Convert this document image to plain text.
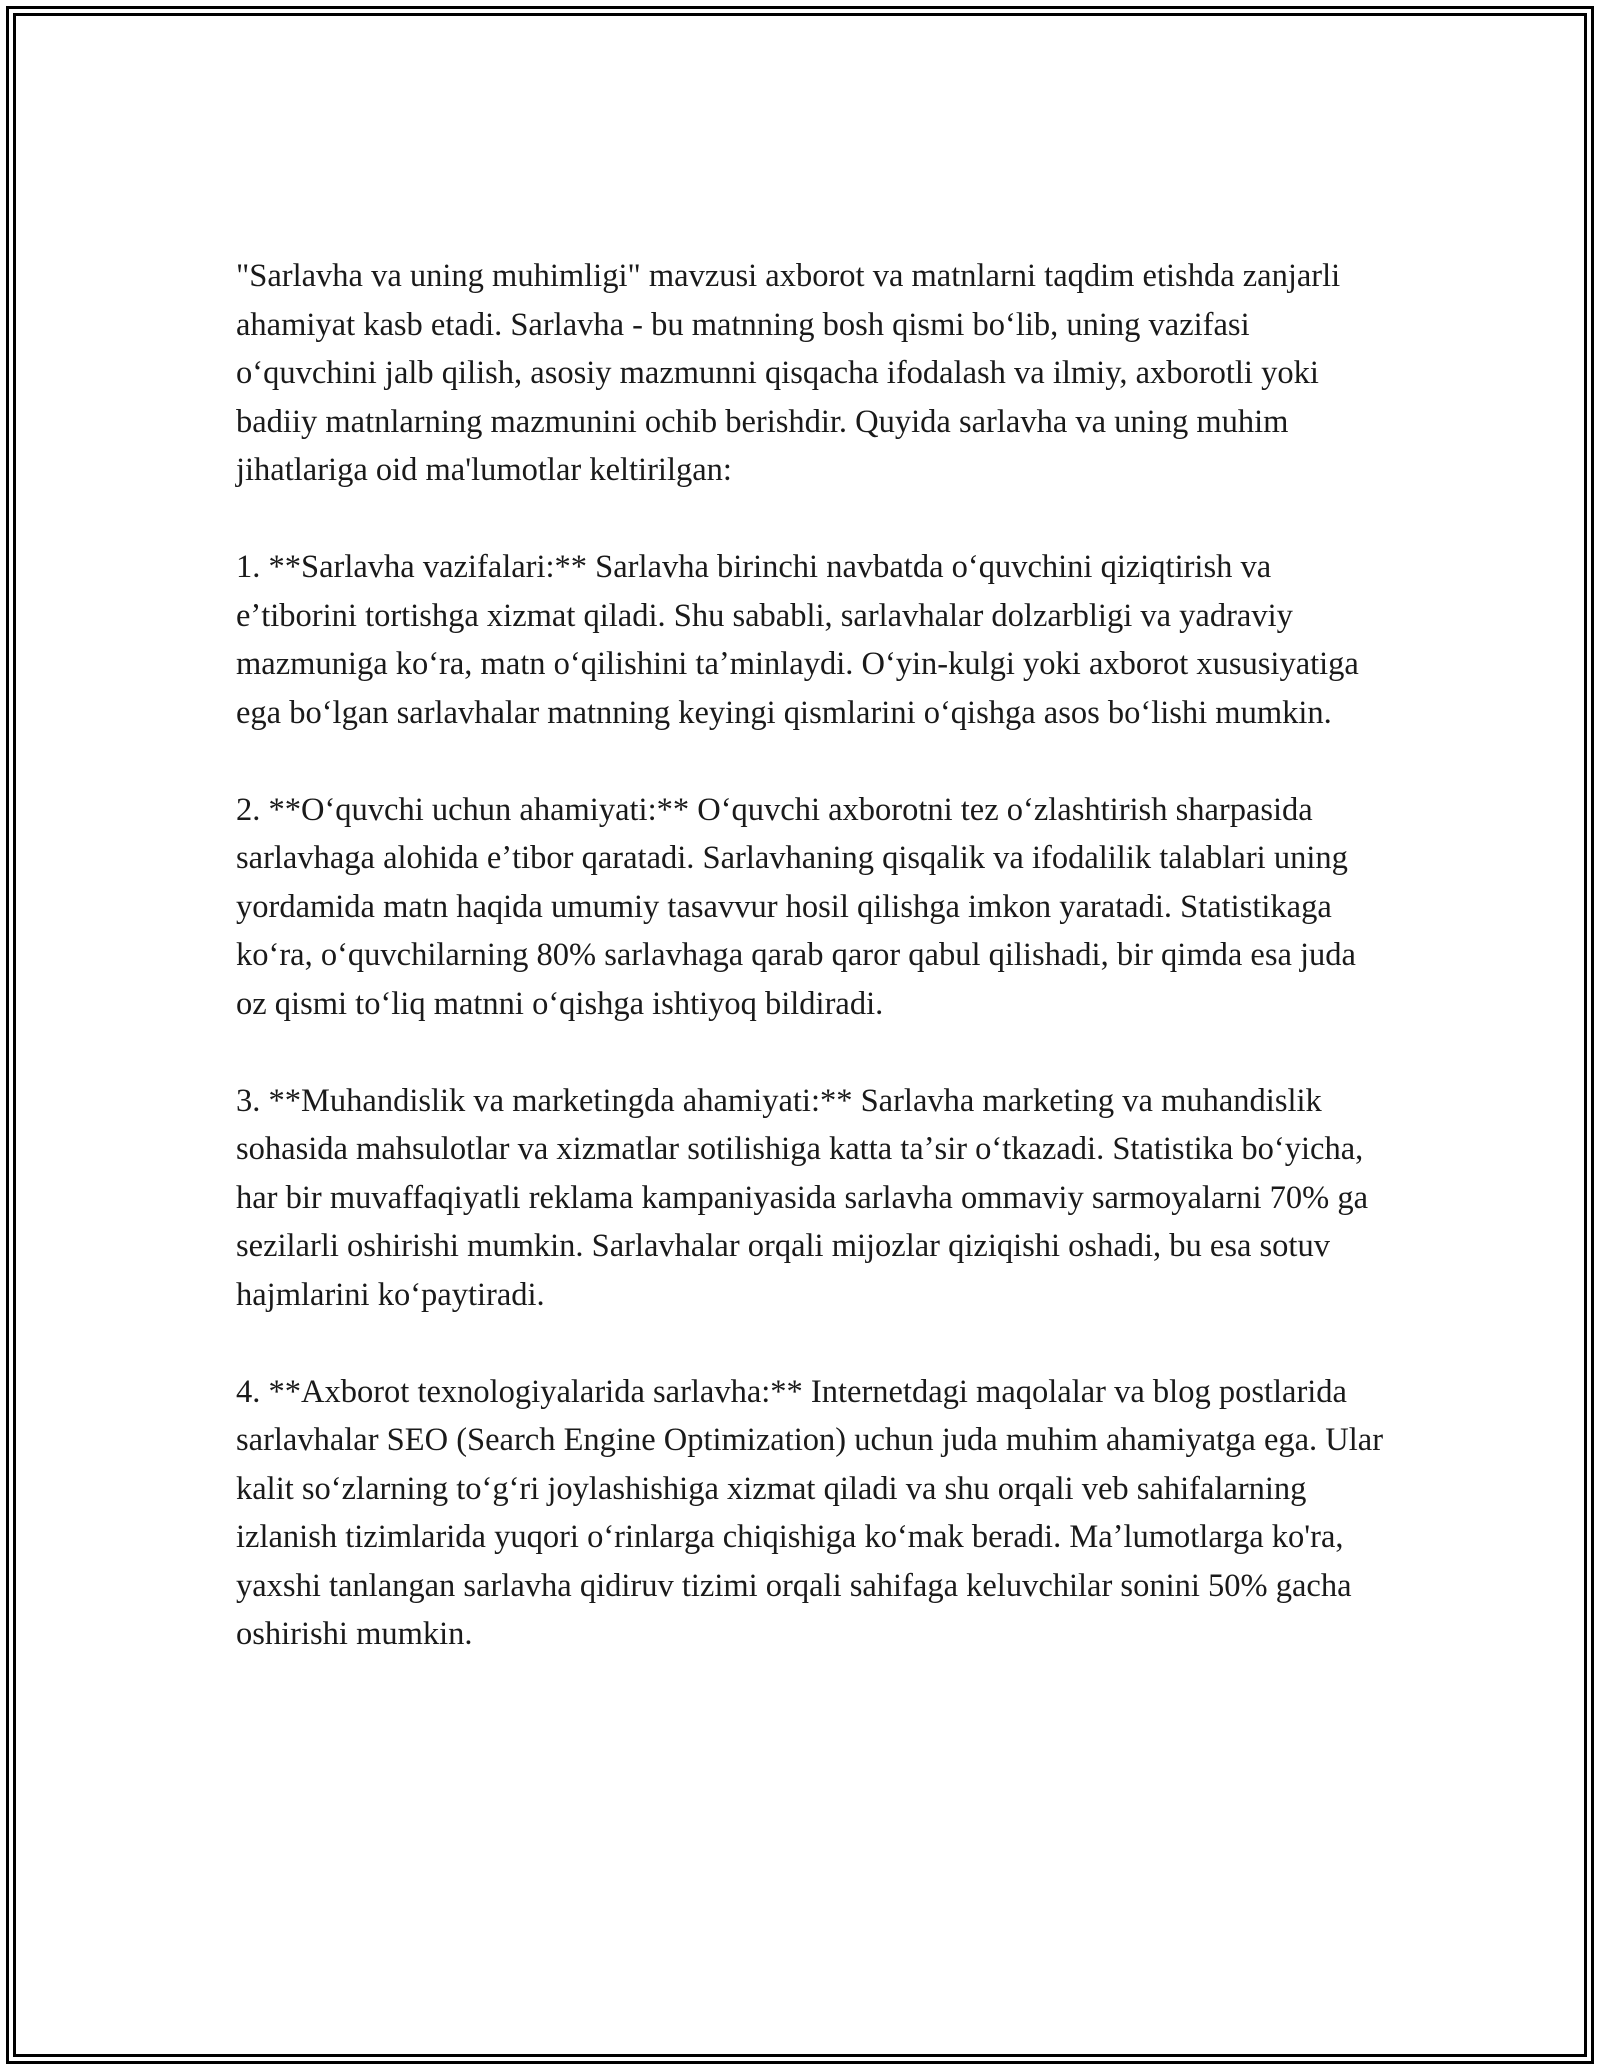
"Sarlavha va uning muhimligi" mavzusi axborot va matnlarni taqdim etishda zanjarli ahamiyat kasb etadi. Sarlavha - bu matnning bosh qismi boʻlib, uning vazifasi oʻquvchini jalb qilish, asosiy mazmunni qisqacha ifodalash va ilmiy, axborotli yoki badiiy matnlarning mazmunini ochib berishdir. Quyida sarlavha va uning muhim jihatlariga oid ma'lumotlar keltirilgan:

1. **Sarlavha vazifalari:** Sarlavha birinchi navbatda oʻquvchini qiziqtirish va eʼtiborini tortishga xizmat qiladi. Shu sababli, sarlavhalar dolzarbligi va yadraviy mazmuniga koʻra, matn oʻqilishini taʼminlaydi. Oʻyin-kulgi yoki axborot xususiyatiga ega boʻlgan sarlavhalar matnning keyingi qismlarini oʻqishga asos boʻlishi mumkin.

2. **Oʻquvchi uchun ahamiyati:** Oʻquvchi axborotni tez oʻzlashtirish sharpasida sarlavhaga alohida eʼtibor qaratadi. Sarlavhaning qisqalik va ifodalilik talablari uning yordamida matn haqida umumiy tasavvur hosil qilishga imkon yaratadi. Statistikaga koʻra, oʻquvchilarning 80% sarlavhaga qarab qaror qabul qilishadi, bir qimda esa juda oz qismi toʻliq matnni oʻqishga ishtiyoq bildiradi.

3. **Muhandislik va marketingda ahamiyati:** Sarlavha marketing va muhandislik sohasida mahsulotlar va xizmatlar sotilishiga katta taʼsir oʻtkazadi. Statistika boʻyicha, har bir muvaffaqiyatli reklama kampaniyasida sarlavha ommaviy sarmoyalarni 70% ga sezilarli oshirishi mumkin. Sarlavhalar orqali mijozlar qiziqishi oshadi, bu esa sotuv hajmlarini koʻpaytiradi.

4. **Axborot texnologiyalarida sarlavha:** Internetdagi maqolalar va blog postlarida sarlavhalar SEO (Search Engine Optimization) uchun juda muhim ahamiyatga ega. Ular kalit soʻzlarning toʻgʻri joylashishiga xizmat qiladi va shu orqali veb sahifalarning izlanish tizimlarida yuqori oʻrinlarga chiqishiga koʻmak beradi. Maʼlumotlarga ko'ra, yaxshi tanlangan sarlavha qidiruv tizimi orqali sahifaga keluvchilar sonini 50% gacha oshirishi mumkin.
